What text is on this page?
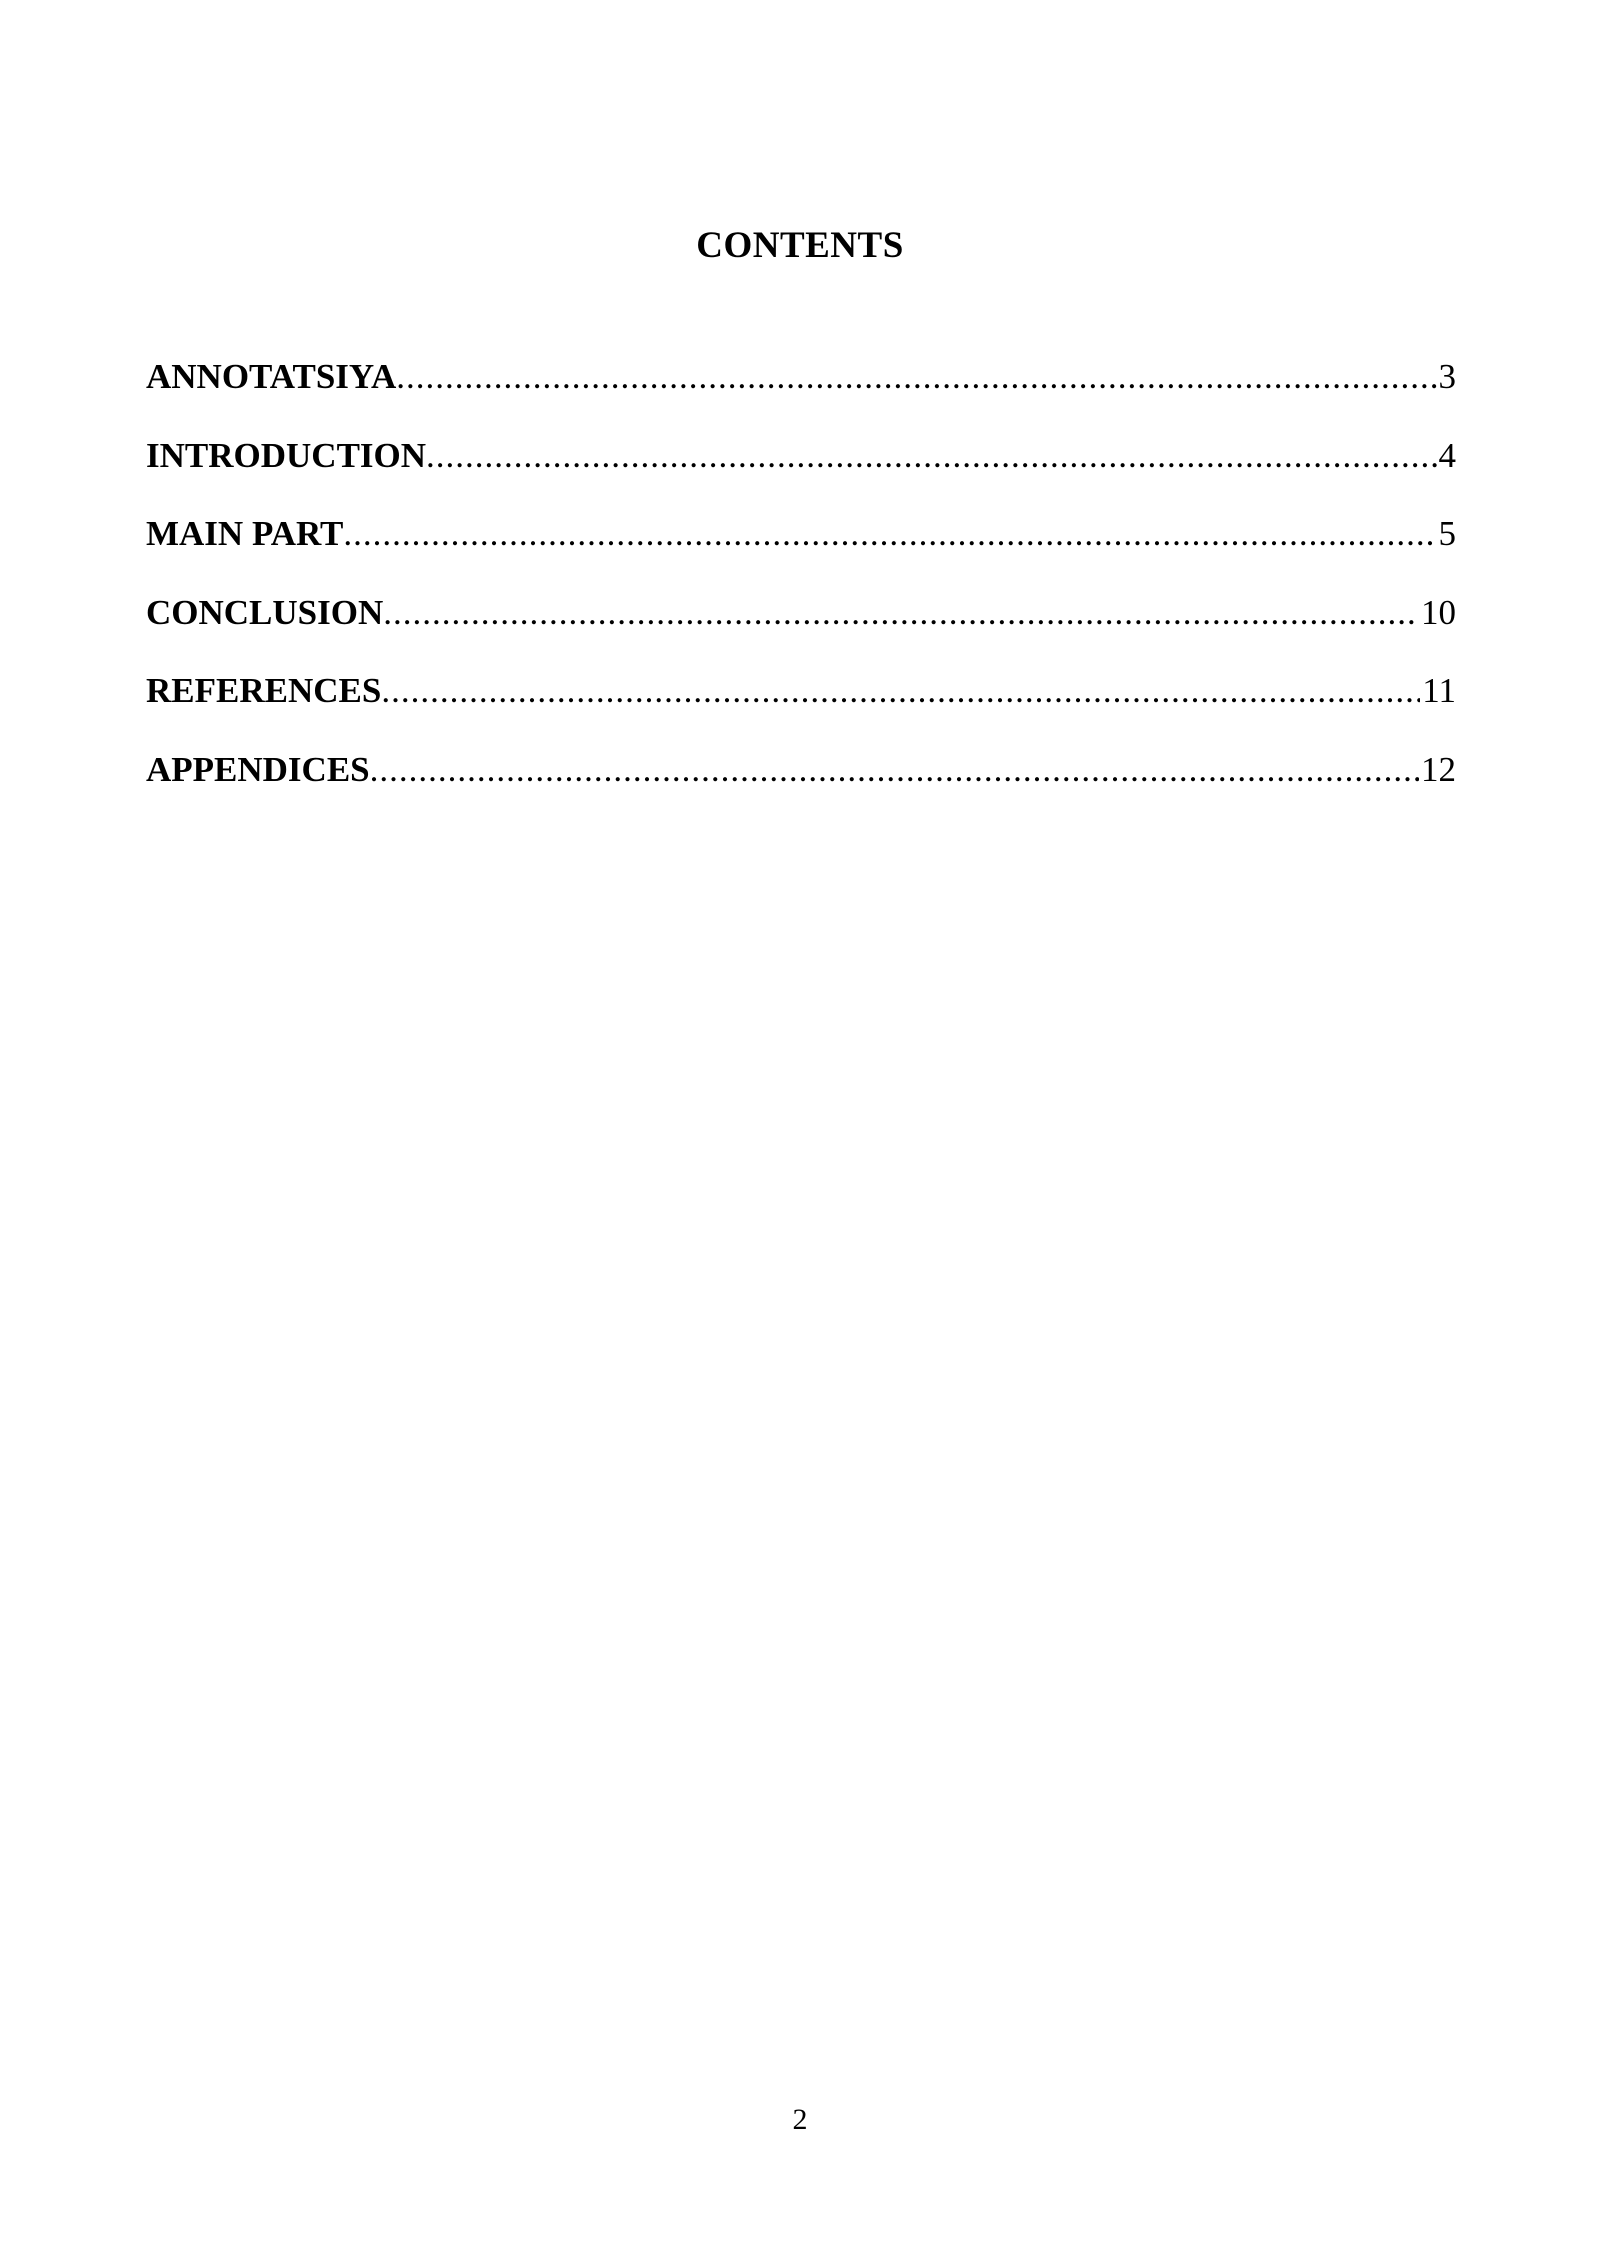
CONTENTS
ANNOTATSIYA .....	3
INTRODUCTION .....	4
MAIN PART .....	5
CONCLUSION .....	10
REFERENCES .....	11
APPENDICES .....	12
2
